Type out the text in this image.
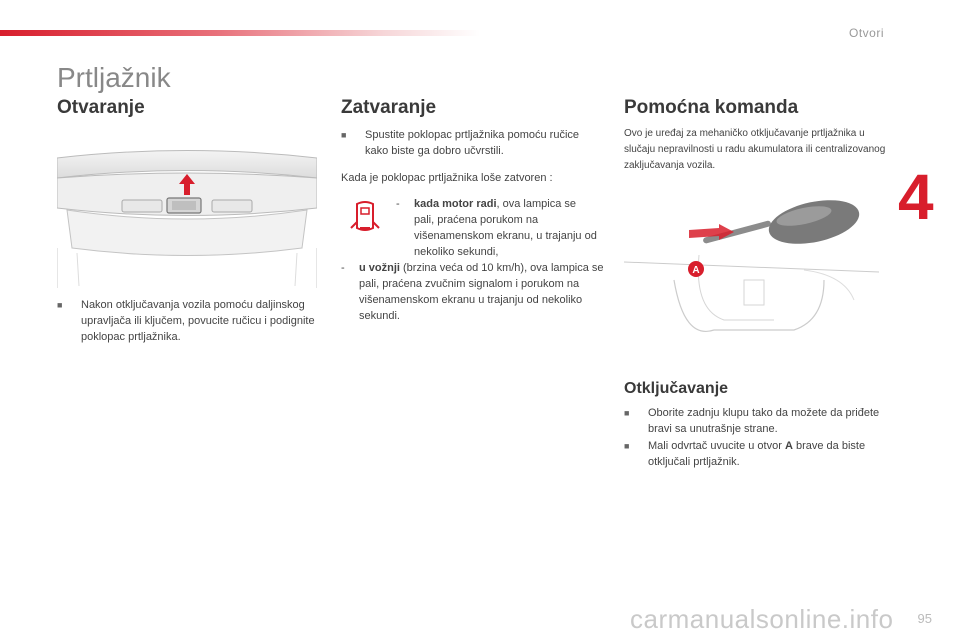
Otvori
4
Prtljažnik
Otvaranje
■ Nakon otključavanja vozila pomoću daljinskog upravljača ili ključem, povucite ručicu i podignite poklopac prtljažnika.
Zatvaranje
■ Spustite poklopac prtljažnika pomoću ručice kako biste ga dobro učvrstili.
Kada je poklopac prtljažnika loše zatvoren :
- kada motor radi, ova lampica se pali, praćena porukom na višenamenskom ekranu, u trajanju od nekoliko sekundi,
- u vožnji (brzina veća od 10 km/h), ova lampica se pali, praćena zvučnim signalom i porukom na višenamenskom ekranu u trajanju od nekoliko sekundi.
Pomoćna komanda
Ovo je uređaj za mehaničko otključavanje prtljažnika u slučaju nepravilnosti u radu akumulatora ili centralizovanog zaključavanja vozila.
A
Otključavanje
■ Oborite zadnju klupu tako da možete da priđete bravi sa unutrašnje strane.
■ Mali odvrtač uvucite u otvor A brave da biste otključali prtljažnik.
95
carmanualsonline.info
